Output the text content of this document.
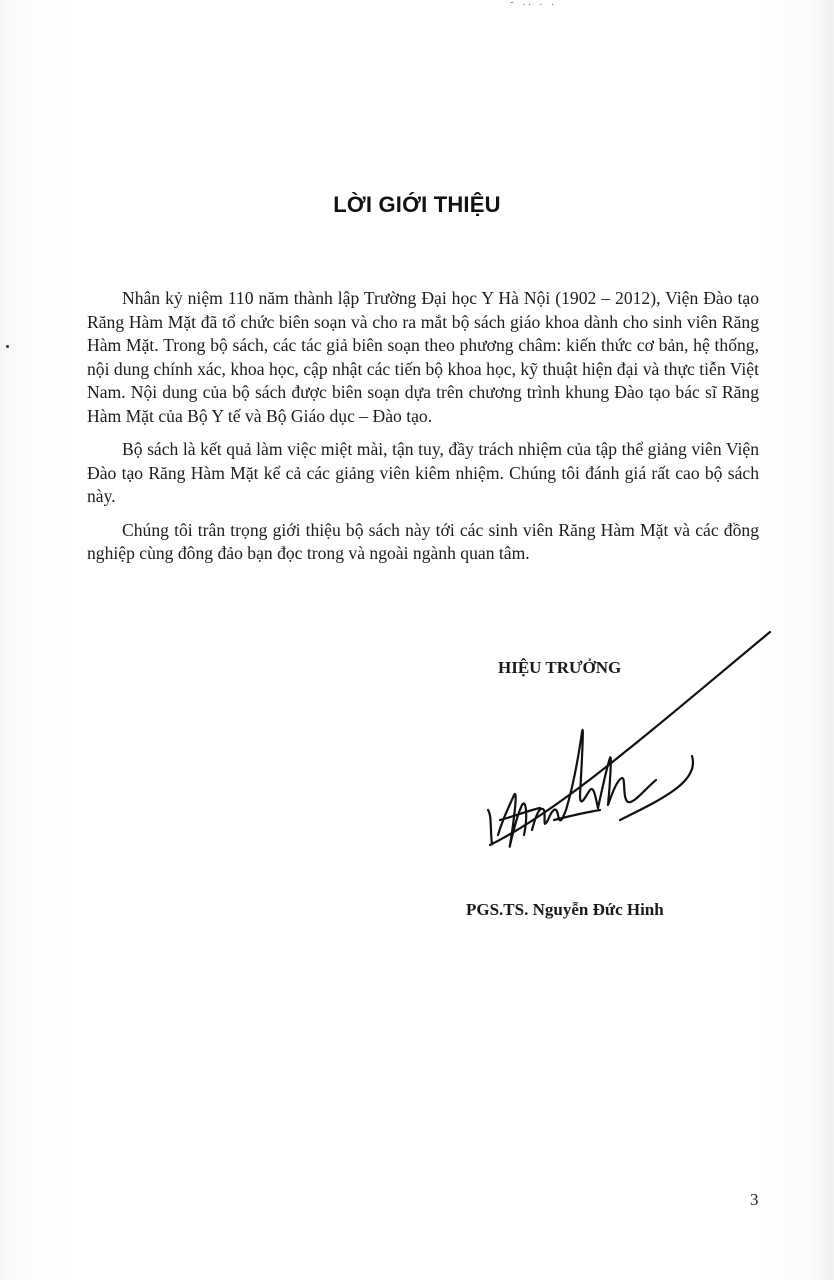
- .. . .
LỜI GIỚI THIỆU

Nhân kỷ niệm 110 năm thành lập Trường Đại học Y Hà Nội (1902 – 2012), Viện Đào tạo Răng Hàm Mặt đã tổ chức biên soạn và cho ra mắt bộ sách giáo khoa dành cho sinh viên Răng Hàm Mặt. Trong bộ sách, các tác giả biên soạn theo phương châm: kiến thức cơ bản, hệ thống, nội dung chính xác, khoa học, cập nhật các tiến bộ khoa học, kỹ thuật hiện đại và thực tiễn Việt Nam. Nội dung của bộ sách được biên soạn dựa trên chương trình khung Đào tạo bác sĩ Răng Hàm Mặt của Bộ Y tế và Bộ Giáo dục – Đào tạo.

Bộ sách là kết quả làm việc miệt mài, tận tuy, đầy trách nhiệm của tập thể giảng viên Viện Đào tạo Răng Hàm Mặt kể cả các giảng viên kiêm nhiệm. Chúng tôi đánh giá rất cao bộ sách này.

Chúng tôi trân trọng giới thiệu bộ sách này tới các sinh viên Răng Hàm Mặt và các đồng nghiệp cùng đông đảo bạn đọc trong và ngoài ngành quan tâm.

HIỆU TRƯỞNG
PGS.TS. Nguyễn Đức Hinh
3
